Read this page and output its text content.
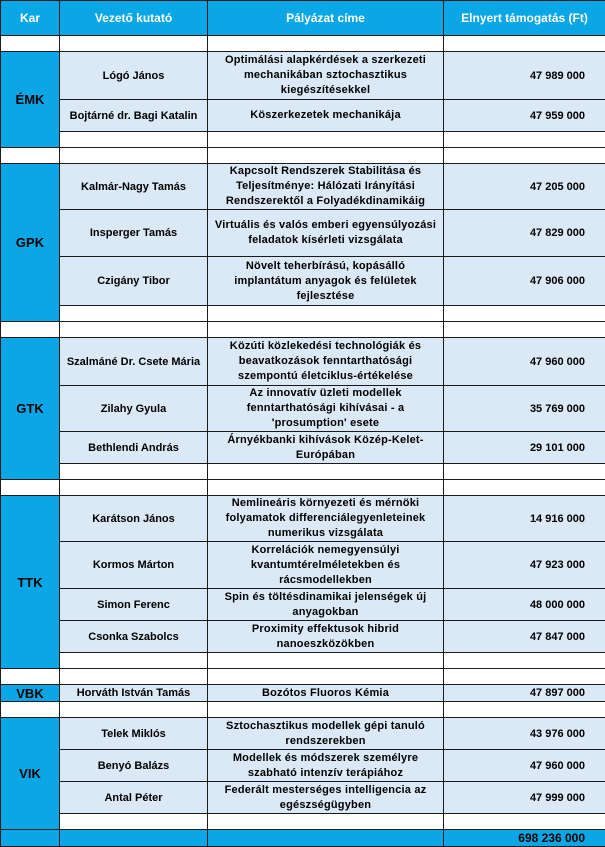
Kar	Vezető kutató	Pályázat címe	Elnyert támogatás (Ft)

ÉMK	Lógó János	Optimálási alapkérdések a szerkezeti mechanikában sztochasztikus kiegészítésekkel	47 989 000
	Bojtárné dr. Bagi Katalin	Köszerkezetek mechanikája	47 959 000

GPK	Kalmár-Nagy Tamás	Kapcsolt Rendszerek Stabilitása és Teljesítménye: Hálózati Irányítási Rendszerektől a Folyadékdinamikáig	47 205 000
	Insperger Tamás	Virtuális és valós emberi egyensúlyozási feladatok kísérleti vizsgálata	47 829 000
	Czigány Tibor	Növelt teherbírású, kopásálló implantátum anyagok és felületek fejlesztése	47 906 000

GTK	Szalmáné Dr. Csete Mária	Közúti közlekedési technológiák és beavatkozások fenntarthatósági szempontú életciklus-értékelése	47 960 000
	Zilahy Gyula	Az innovatív üzleti modellek fenntarthatósági kihívásai - a 'prosumption' esete	35 769 000
	Bethlendi András	Árnyékbanki kihívások Közép-Kelet-Európában	29 101 000

TTK	Karátson János	Nemlineáris környezeti és mérnöki folyamatok differenciálegyenleteinek numerikus vizsgálata	14 916 000
	Kormos Márton	Korrelációk nemegyensúlyi kvantumtérelméletekben és rácsmodellekben	47 923 000
	Simon Ferenc	Spin és töltésdinamikai jelenségek új anyagokban	48 000 000
	Csonka Szabolcs	Proximity effektusok hibrid nanoeszközökben	47 847 000

VBK	Horváth István Tamás	Bozótos Fluoros Kémia	47 897 000

VIK	Telek Miklós	Sztochasztikus modellek gépi tanuló rendszerekben	43 976 000
	Benyó Balázs	Modellek és módszerek személyre szabható intenzív terápiához	47 960 000
	Antal Péter	Federált mesterséges intelligencia az egészségügyben	47 999 000

			698 236 000
